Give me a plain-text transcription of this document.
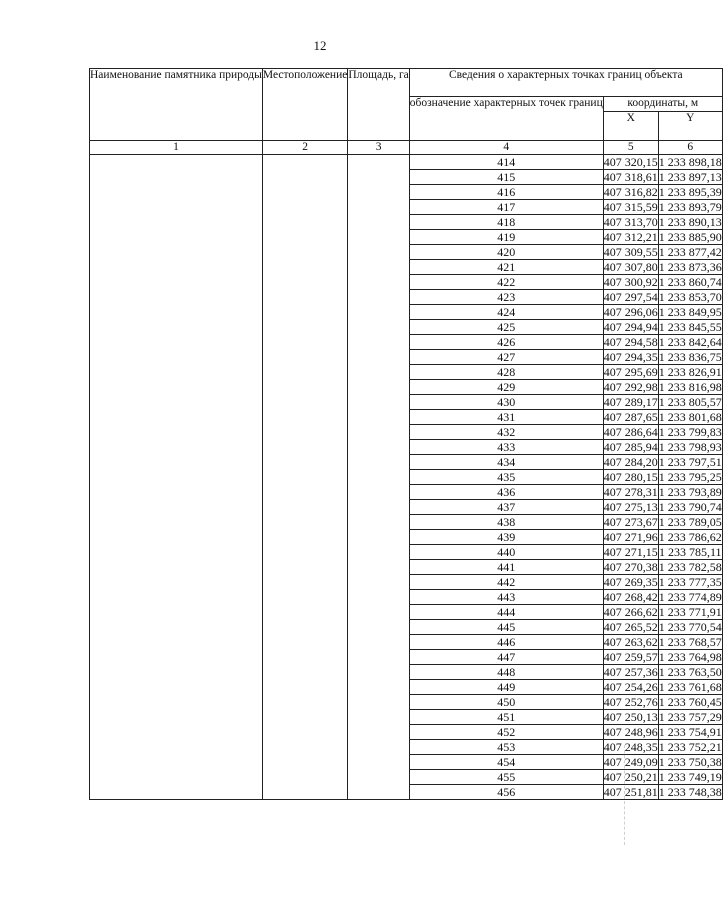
12
Наименование памятника природы	Местоположение	Площадь, га	Сведения о характерных точках границ объекта		
			обозначение характерных точек границ	координаты, м	
				X	Y
1	2	3	4	5	6
			414	407 320,15	1 233 898,18
			415	407 318,61	1 233 897,13
			416	407 316,82	1 233 895,39
			417	407 315,59	1 233 893,79
			418	407 313,70	1 233 890,13
			419	407 312,21	1 233 885,90
			420	407 309,55	1 233 877,42
			421	407 307,80	1 233 873,36
			422	407 300,92	1 233 860,74
			423	407 297,54	1 233 853,70
			424	407 296,06	1 233 849,95
			425	407 294,94	1 233 845,55
			426	407 294,58	1 233 842,64
			427	407 294,35	1 233 836,75
			428	407 295,69	1 233 826,91
			429	407 292,98	1 233 816,98
			430	407 289,17	1 233 805,57
			431	407 287,65	1 233 801,68
			432	407 286,64	1 233 799,83
			433	407 285,94	1 233 798,93
			434	407 284,20	1 233 797,51
			435	407 280,15	1 233 795,25
			436	407 278,31	1 233 793,89
			437	407 275,13	1 233 790,74
			438	407 273,67	1 233 789,05
			439	407 271,96	1 233 786,62
			440	407 271,15	1 233 785,11
			441	407 270,38	1 233 782,58
			442	407 269,35	1 233 777,35
			443	407 268,42	1 233 774,89
			444	407 266,62	1 233 771,91
			445	407 265,52	1 233 770,54
			446	407 263,62	1 233 768,57
			447	407 259,57	1 233 764,98
			448	407 257,36	1 233 763,50
			449	407 254,26	1 233 761,68
			450	407 252,76	1 233 760,45
			451	407 250,13	1 233 757,29
			452	407 248,96	1 233 754,91
			453	407 248,35	1 233 752,21
			454	407 249,09	1 233 750,38
			455	407 250,21	1 233 749,19
			456	407 251,81	1 233 748,38
